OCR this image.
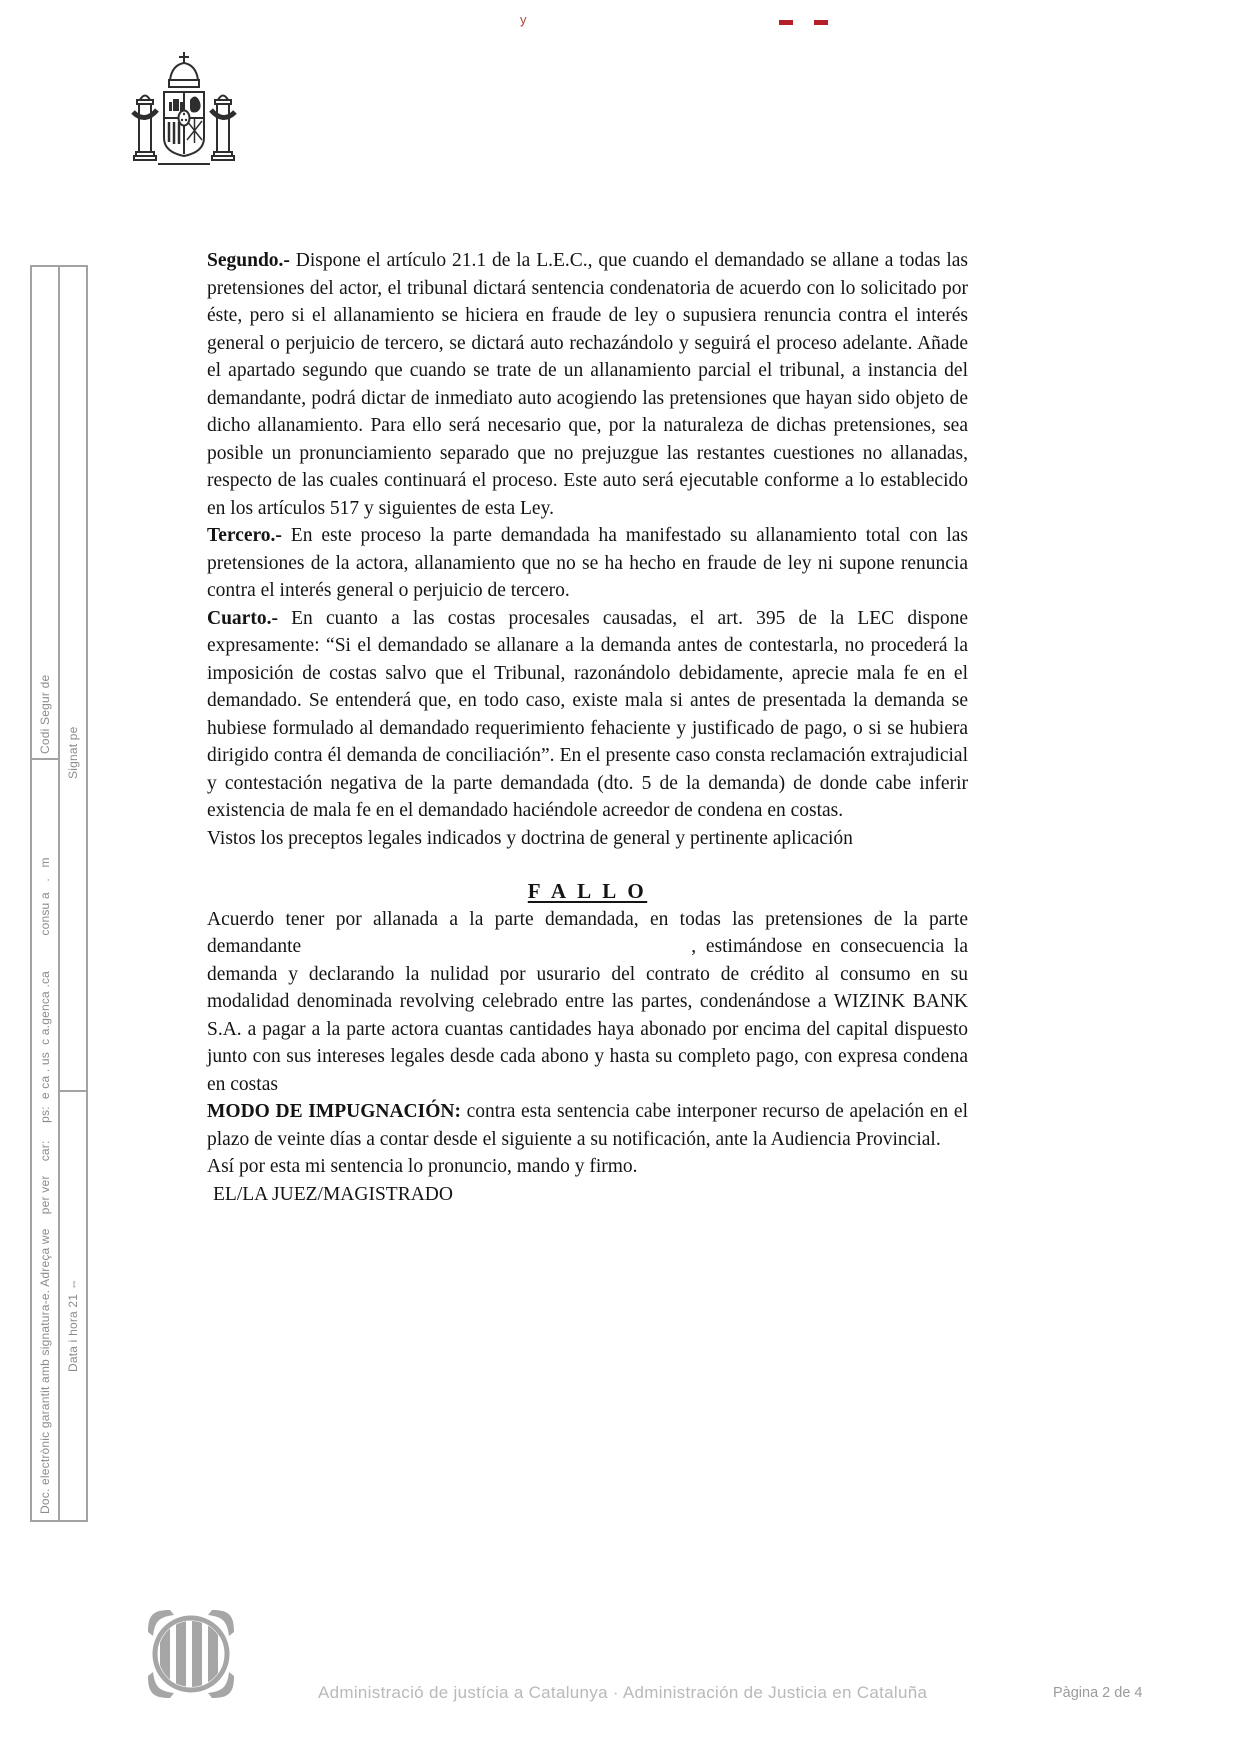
y
Codi Segur de
Doc. electrònic garantit amb signatura-e. Adreça we    per ver    car:     ps:  e ca . us  c a.genca .ca          consu a   .   m
Signat pe
Data i hora 21 ⇔

Segundo.- Dispone el artículo 21.1 de la L.E.C., que cuando el demandado se allane a todas las pretensiones del actor, el tribunal dictará sentencia condenatoria de acuerdo con lo solicitado por éste, pero si el allanamiento se hiciera en fraude de ley o supusiera renuncia contra el interés general o perjuicio de tercero, se dictará auto rechazándolo y seguirá el proceso adelante. Añade el apartado segundo que cuando se trate de un allanamiento parcial el tribunal, a instancia del demandante, podrá dictar de inmediato auto acogiendo las pretensiones que hayan sido objeto de dicho allanamiento. Para ello será necesario que, por la naturaleza de dichas pretensiones, sea posible un pronunciamiento separado que no prejuzgue las restantes cuestiones no allanadas, respecto de las cuales continuará el proceso. Este auto será ejecutable conforme a lo establecido en los artículos 517 y siguientes de esta Ley.

Tercero.- En este proceso la parte demandada ha manifestado su allanamiento total con las pretensiones de la actora, allanamiento que no se ha hecho en fraude de ley ni supone renuncia contra el interés general o perjuicio de tercero.

Cuarto.- En cuanto a las costas procesales causadas, el art. 395 de la LEC dispone expresamente: “Si el demandado se allanare a la demanda antes de contestarla, no procederá la imposición de costas salvo que el Tribunal, razonándolo debidamente, aprecie mala fe en el demandado. Se entenderá que, en todo caso, existe mala si antes de presentada la demanda se hubiese formulado al demandado requerimiento fehaciente y justificado de pago, o si se hubiera dirigido contra él demanda de conciliación”. En el presente caso consta reclamación extrajudicial y contestación negativa de la parte demandada (dto. 5 de la demanda) de donde cabe inferir existencia de mala fe en el demandado haciéndole acreedor de condena en costas.

Vistos los preceptos legales indicados y doctrina de general y pertinente aplicación

F A L L O

Acuerdo tener por allanada a la parte demandada, en todas las pretensiones de la parte demandante	, estimándose en consecuencia la demanda y declarando la nulidad por usurario del contrato de crédito al consumo en su modalidad denominada revolving celebrado entre las partes, condenándose a WIZINK BANK S.A. a pagar a la parte actora cuantas cantidades haya abonado por encima del capital dispuesto junto con sus intereses legales desde cada abono y hasta su completo pago, con expresa condena en costas

MODO DE IMPUGNACIÓN: contra esta sentencia cabe interponer recurso de apelación en el plazo de veinte días a contar desde el siguiente a su notificación, ante la Audiencia Provincial.

Así por esta mi sentencia lo pronuncio, mando y firmo.

EL/LA JUEZ/MAGISTRADO

Administració de justícia a Catalunya · Administración de Justicia en Cataluña	Pàgina 2 de 4
